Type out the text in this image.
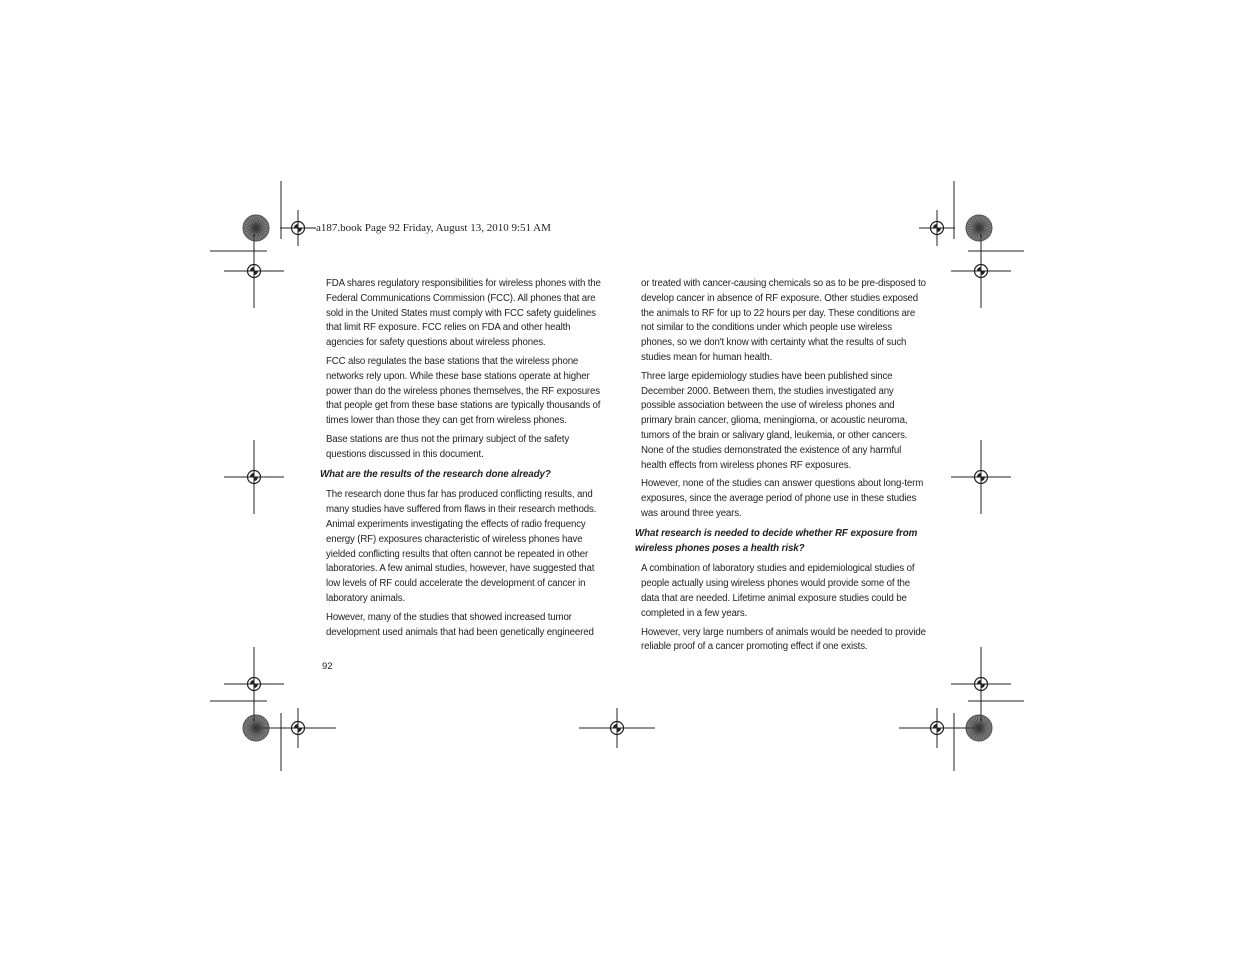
a187.book Page 92 Friday, August 13, 2010 9:51 AM

FDA shares regulatory responsibilities for wireless phones with the Federal Communications Commission (FCC). All phones that are sold in the United States must comply with FCC safety guidelines that limit RF exposure. FCC relies on FDA and other health agencies for safety questions about wireless phones.

FCC also regulates the base stations that the wireless phone networks rely upon. While these base stations operate at higher power than do the wireless phones themselves, the RF exposures that people get from these base stations are typically thousands of times lower than those they can get from wireless phones.

Base stations are thus not the primary subject of the safety questions discussed in this document.

What are the results of the research done already?

The research done thus far has produced conflicting results, and many studies have suffered from flaws in their research methods. Animal experiments investigating the effects of radio frequency energy (RF) exposures characteristic of wireless phones have yielded conflicting results that often cannot be repeated in other laboratories. A few animal studies, however, have suggested that low levels of RF could accelerate the development of cancer in laboratory animals.

However, many of the studies that showed increased tumor development used animals that had been genetically engineered

or treated with cancer-causing chemicals so as to be pre-disposed to develop cancer in absence of RF exposure. Other studies exposed the animals to RF for up to 22 hours per day. These conditions are not similar to the conditions under which people use wireless phones, so we don't know with certainty what the results of such studies mean for human health.

Three large epidemiology studies have been published since December 2000. Between them, the studies investigated any possible association between the use of wireless phones and primary brain cancer, glioma, meningioma, or acoustic neuroma, tumors of the brain or salivary gland, leukemia, or other cancers. None of the studies demonstrated the existence of any harmful health effects from wireless phones RF exposures.

However, none of the studies can answer questions about long-term exposures, since the average period of phone use in these studies was around three years.

What research is needed to decide whether RF exposure from wireless phones poses a health risk?

A combination of laboratory studies and epidemiological studies of people actually using wireless phones would provide some of the data that are needed. Lifetime animal exposure studies could be completed in a few years.

However, very large numbers of animals would be needed to provide reliable proof of a cancer promoting effect if one exists.

92
